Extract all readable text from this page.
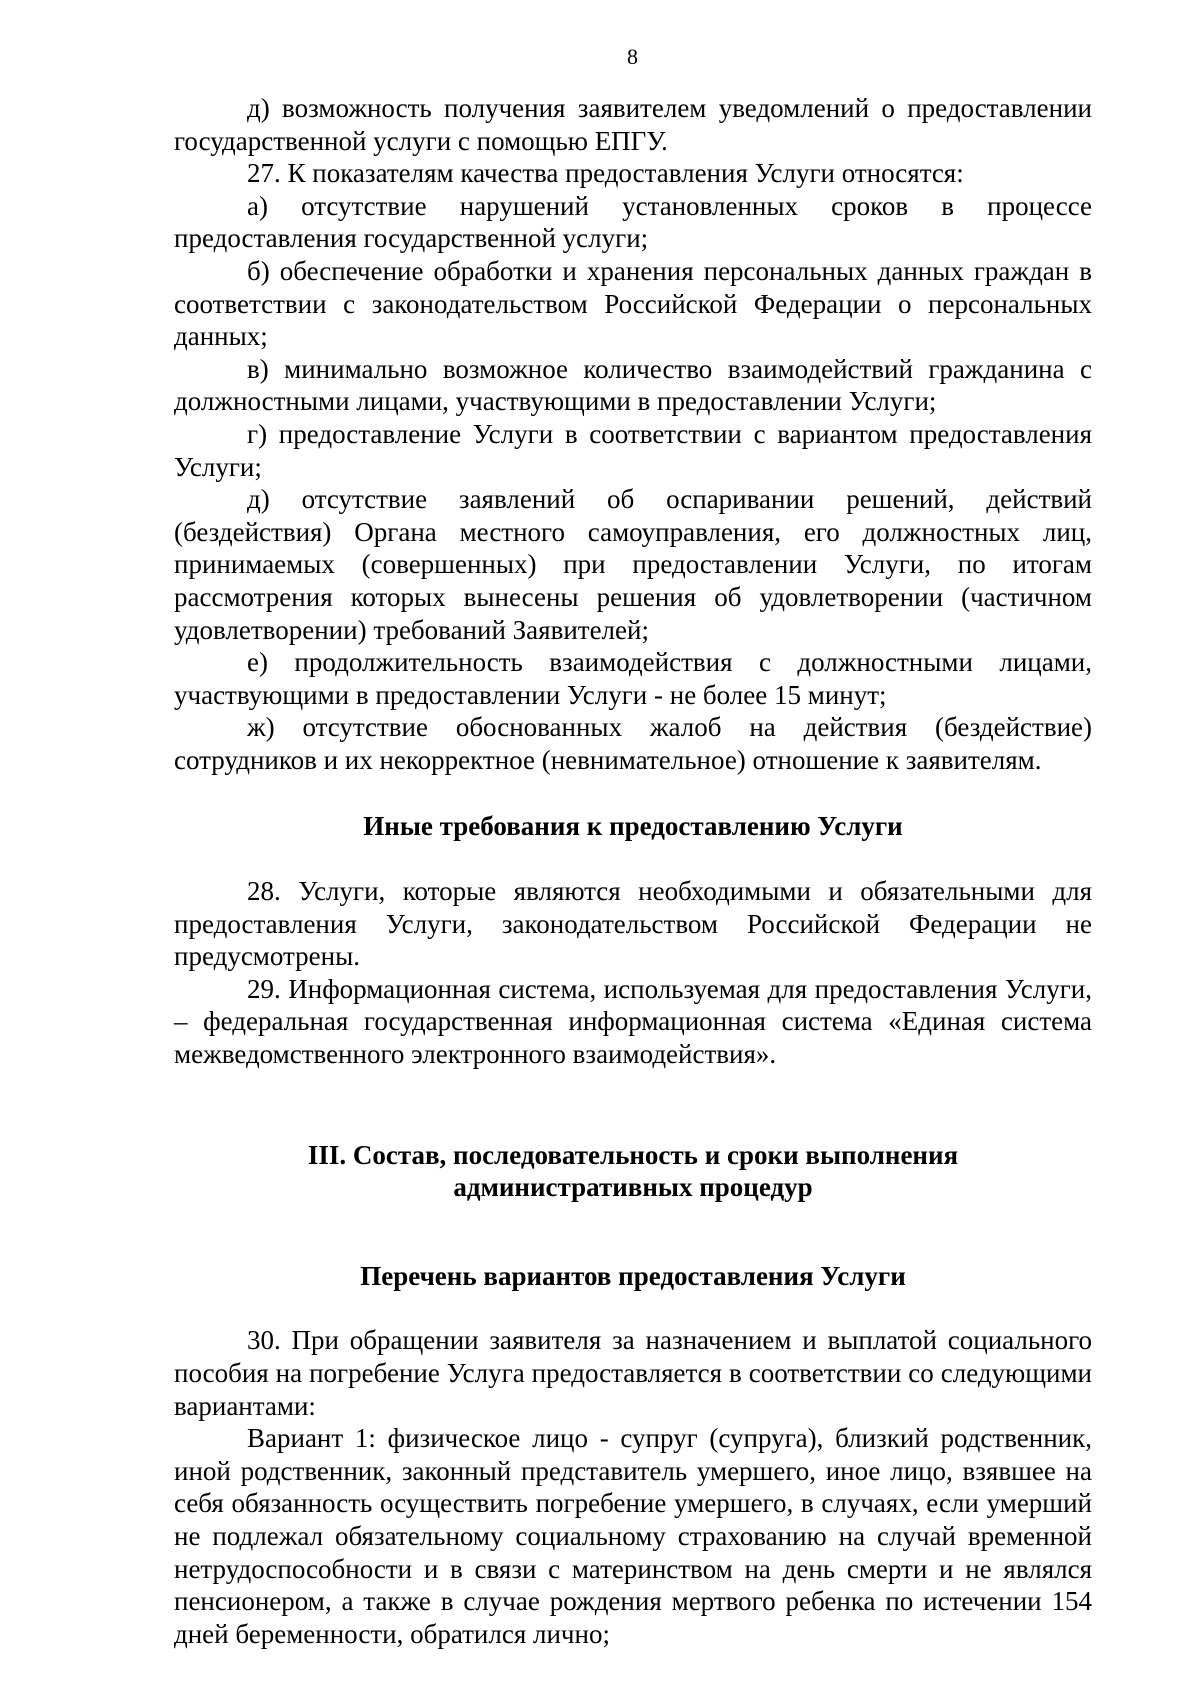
8

д) возможность получения заявителем уведомлений о предоставлении государственной услуги с помощью ЕПГУ.

27. К показателям качества предоставления Услуги относятся:

а) отсутствие нарушений установленных сроков в процессе предоставления государственной услуги;

б) обеспечение обработки и хранения персональных данных граждан в соответствии с законодательством Российской Федерации о персональных данных;

в) минимально возможное количество взаимодействий гражданина с должностными лицами, участвующими в предоставлении Услуги;

г) предоставление Услуги в соответствии с вариантом предоставления Услуги;

д) отсутствие заявлений об оспаривании решений, действий (бездействия) Органа местного самоуправления, его должностных лиц, принимаемых (совершенных) при предоставлении Услуги, по итогам рассмотрения которых вынесены решения об удовлетворении (частичном удовлетворении) требований Заявителей;

е) продолжительность взаимодействия с должностными лицами, участвующими в предоставлении Услуги - не более 15 минут;

ж) отсутствие обоснованных жалоб на действия (бездействие) сотрудников и их некорректное (невнимательное) отношение к заявителям.

Иные требования к предоставлению Услуги

28. Услуги, которые являются необходимыми и обязательными для предоставления Услуги, законодательством Российской Федерации не предусмотрены.

29. Информационная система, используемая для предоставления Услуги, – федеральная государственная информационная система «Единая система межведомственного электронного взаимодействия».

III. Состав, последовательность и сроки выполнения

административных процедур

Перечень вариантов предоставления Услуги

30. При обращении заявителя за назначением и выплатой социального пособия на погребение Услуга предоставляется в соответствии со следующими вариантами:

Вариант 1: физическое лицо - супруг (супруга), близкий родственник, иной родственник, законный представитель умершего, иное лицо, взявшее на себя обязанность осуществить погребение умершего, в случаях, если умерший не подлежал обязательному социальному страхованию на случай временной нетрудоспособности и в связи с материнством на день смерти и не являлся пенсионером, а также в случае рождения мертвого ребенка по истечении 154 дней беременности, обратился лично;
